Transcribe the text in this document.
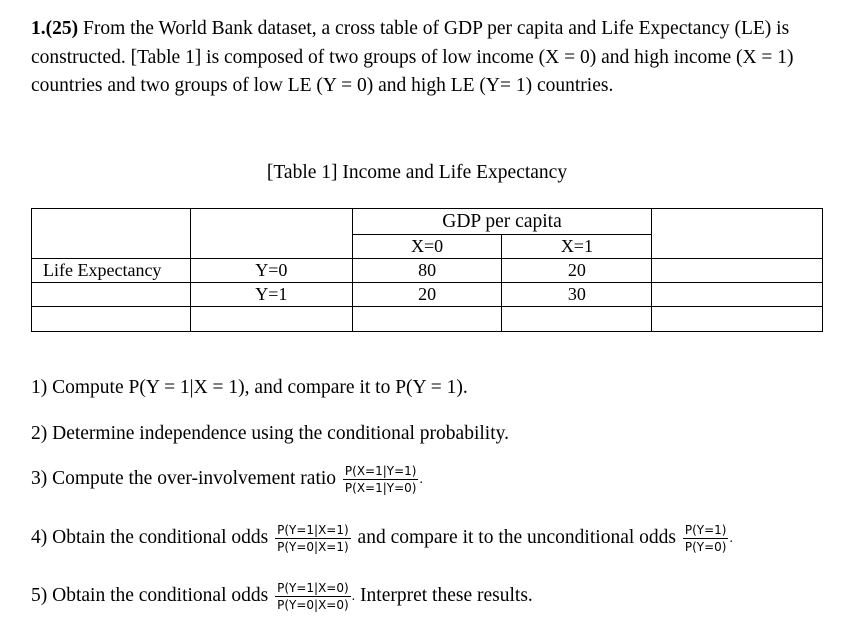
1.(25) From the World Bank dataset, a cross table of GDP per capita and Life Expectancy (LE) is constructed. [Table 1] is composed of two groups of low income (X = 0) and high income (X = 1) countries and two groups of low LE (Y = 0) and high LE (Y= 1) countries.
[Table 1] Income and Life Expectancy
		GDP per capita		
		X=0	X=1	
Life Expectancy	Y=0	80	20	
	Y=1	20	30	

1) Compute P(Y = 1|X = 1), and compare it to P(Y = 1).
2) Determine independence using the conditional probability.
3) Compute the over-involvement ratio $\frac{P(X=1|Y=1)}{P(X=1|Y=0)}$ .
4) Obtain the conditional odds $\frac{P(Y=1|X=1)}{P(Y=0|X=1)}$ and compare it to the unconditional odds $\frac{P(Y=1)}{P(Y=0)}$ .
5) Obtain the conditional odds $\frac{P(Y=1|X=0)}{P(Y=0|X=0)}$ . Interpret these results.
